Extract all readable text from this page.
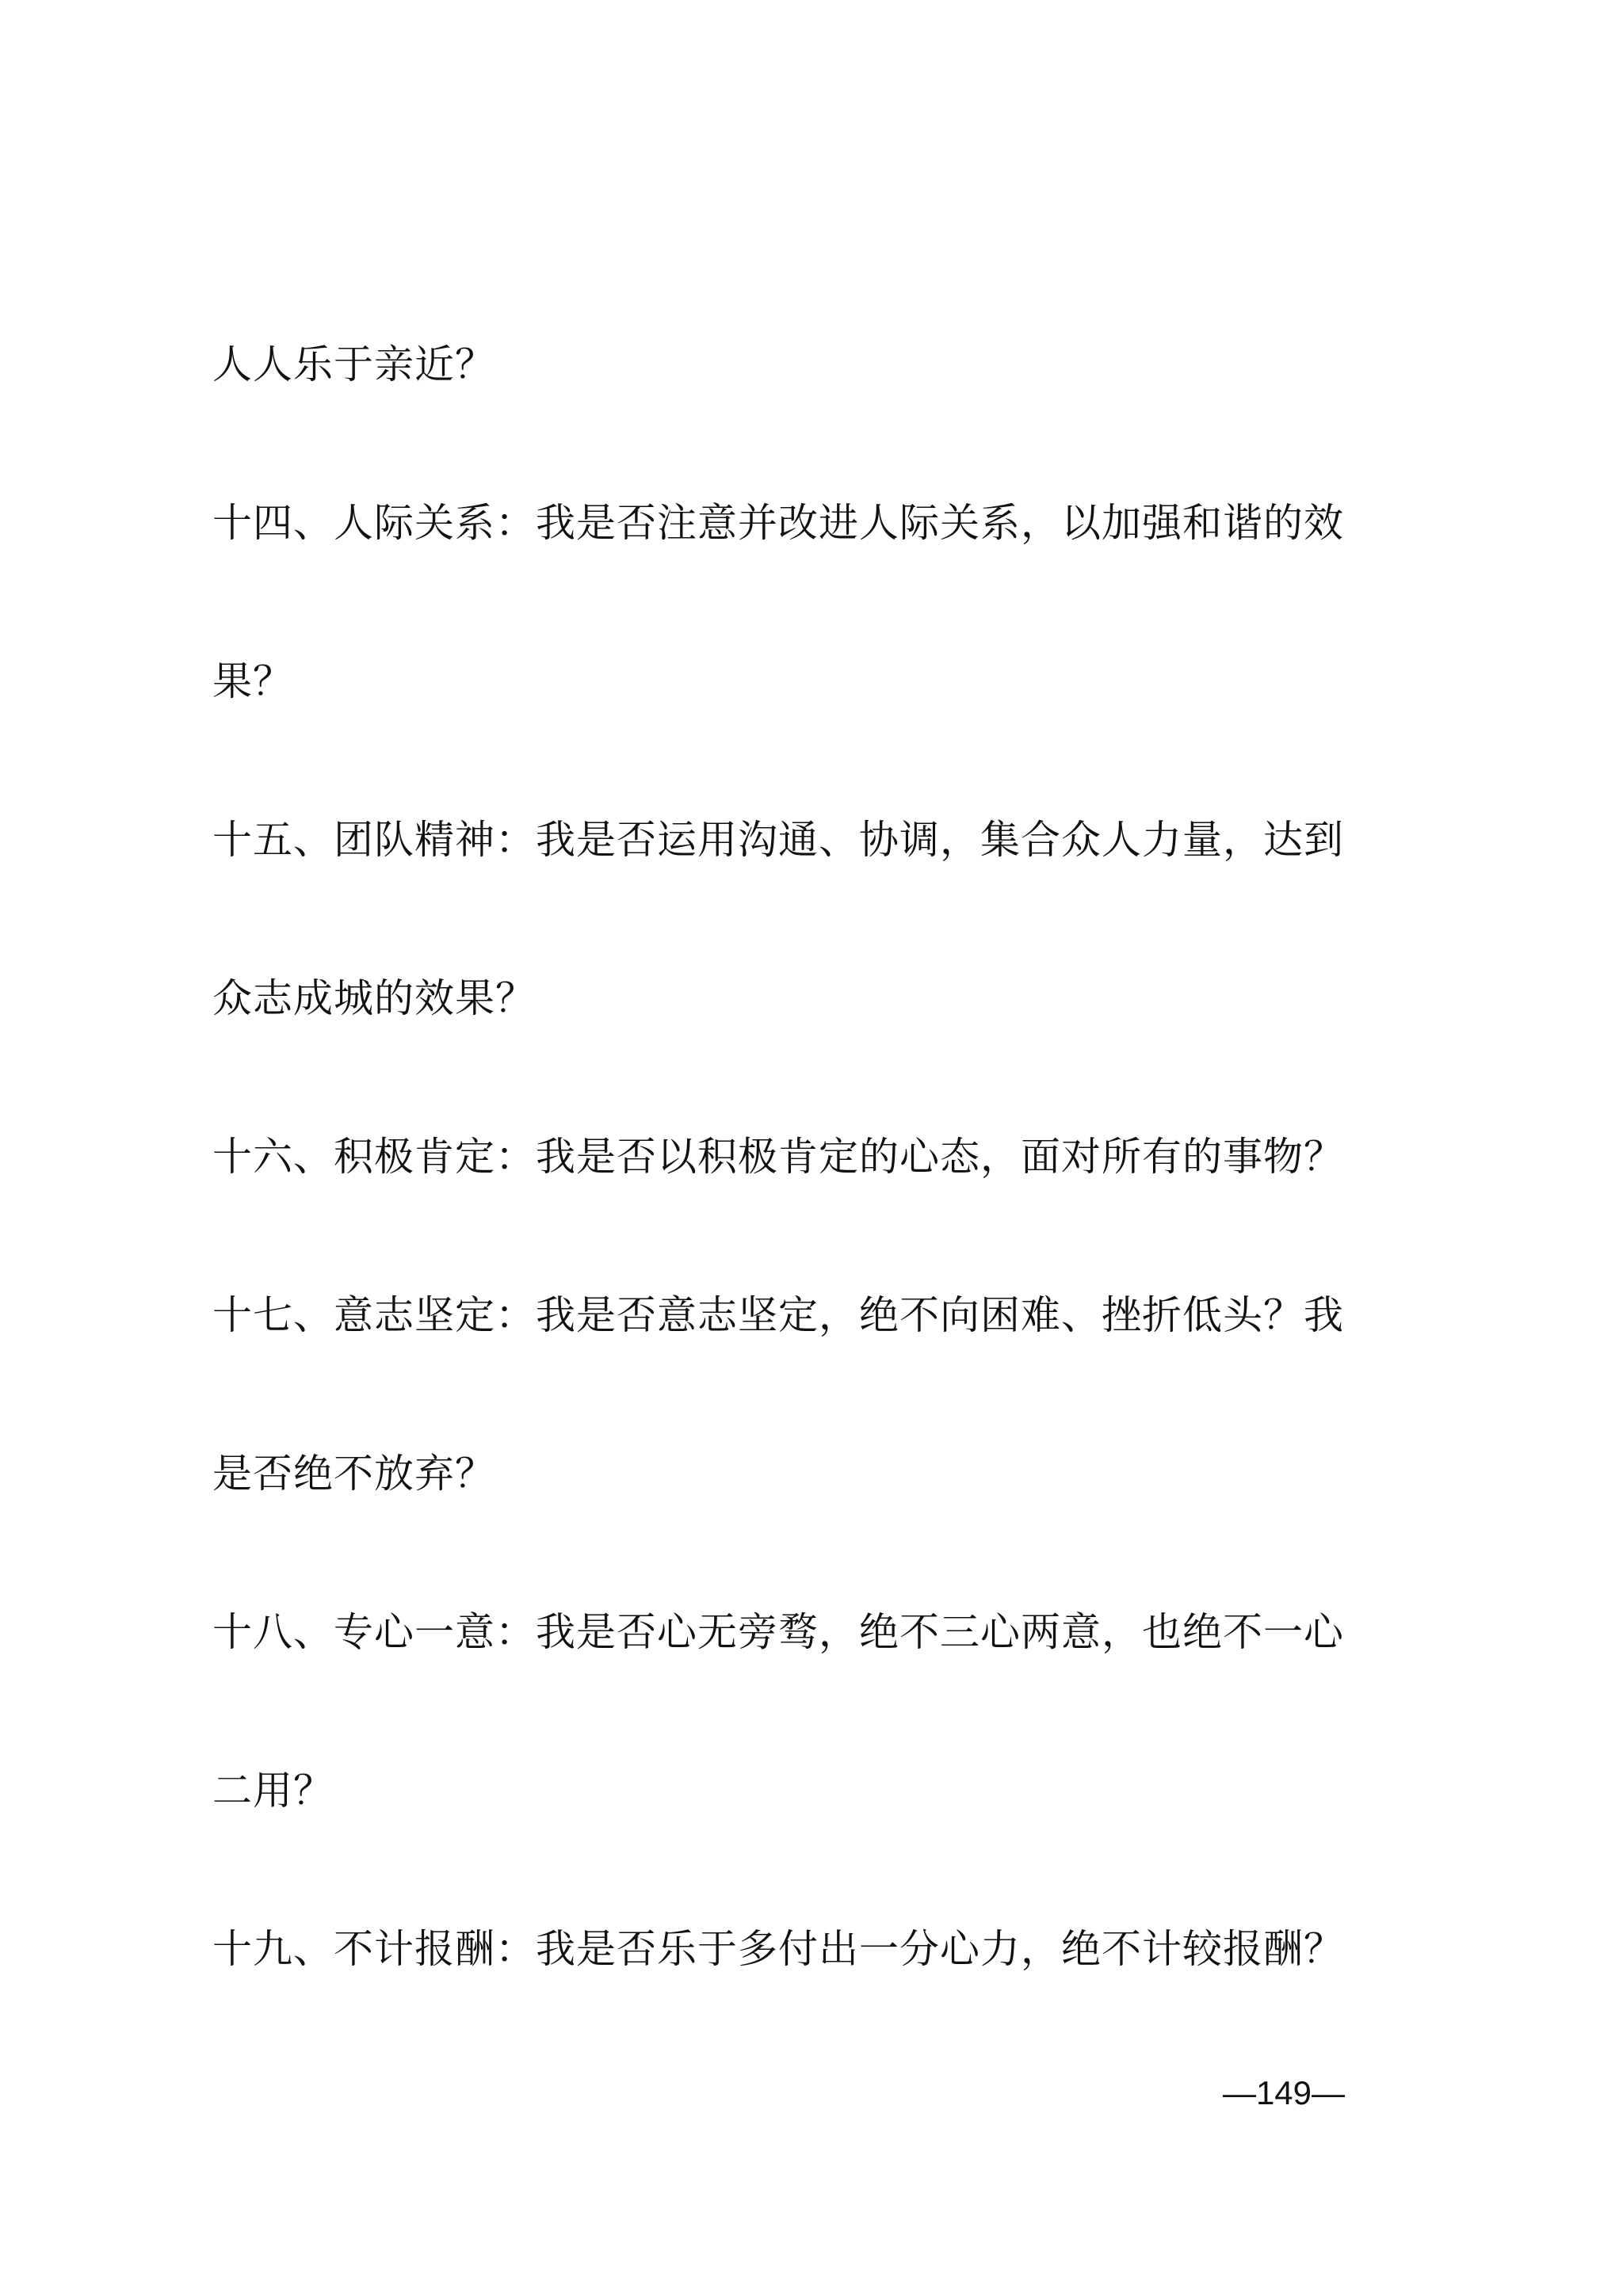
人人乐于亲近？
十四、人际关系：我是否注意并改进人际关系，以加强和谐的效
果？
十五、团队精神：我是否运用沟通、协调，集合众人力量，达到
众志成城的效果？
十六、积极肯定：我是否以积极肯定的心态，面对所有的事物？
十七、意志坚定：我是否意志坚定，绝不向困难、挫折低头？我
是否绝不放弃？
十八、专心一意：我是否心无旁骛，绝不三心两意，也绝不一心
二用？
十九、不计报酬：我是否乐于多付出一分心力，绝不计较报酬？
—149—
